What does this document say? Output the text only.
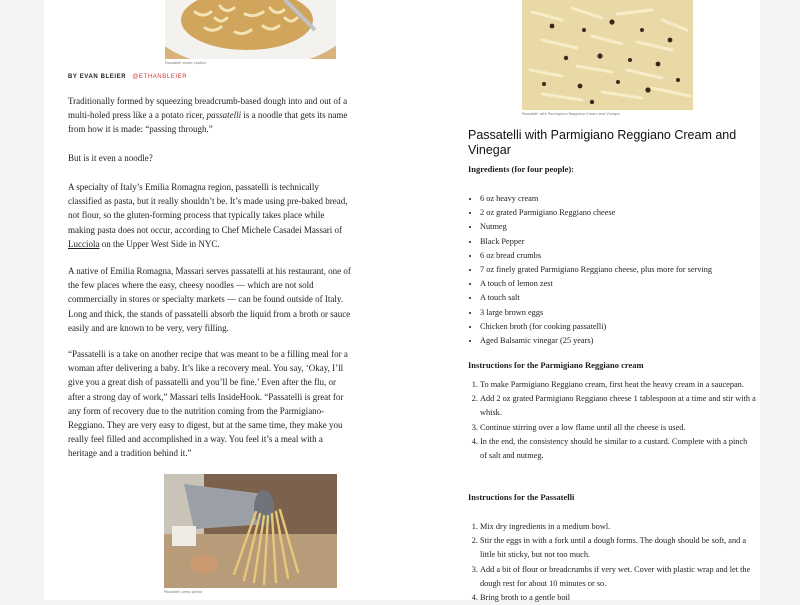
Passatelli photo caption
BY EVAN BLEIER @ETHANBLEIER

Traditionally formed by squeezing breadcrumb-based dough into and out of a multi-holed press like a a potato ricer, passatelli is a noodle that gets its name from how it is made: “passing through.”

But is it even a noodle?

A specialty of Italy’s Emilia Romagna region, passatelli is technically classified as pasta, but it really shouldn’t be. It’s made using pre-baked bread, not flour, so the gluten-forming process that typically takes place while making pasta does not occur, according to Chef Michele Casadei Massari of Lucciola on the Upper West Side in NYC.

A native of Emilia Romagna, Massari serves passatelli at his restaurant, one of the few places where the easy, cheesy noodles — which are not sold commercially in stores or specialty markets — can be found outside of Italy. Long and thick, the stands of passatelli absorb the liquid from a broth or sauce easily and are known to be very, very filling.

“Passatelli is a take on another recipe that was meant to be a filling meal for a woman after delivering a baby. It’s like a recovery meal. You say, ‘Okay, I’ll give you a great dish of passatelli and you’ll be fine.’ Even after the flu, or after a strong day of work,” Massari tells InsideHook. “Passatelli is great for any form of recovery due to the nutrition coming from the Parmigiano-Reggiano. They are very easy to digest, but at the same time, they make you really feel filled and accomplished in a way. You feel it’s a meal with a heritage and a tradition behind it.”

Passatelli press photo
Passatelli with Parmigiano Reggiano Cream and Vinegar
Passatelli with Parmigiano Reggiano Cream and Vinegar
Ingredients (for four people):
• 6 oz heavy cream
• 2 oz grated Parmigiano Reggiano cheese
• Nutmeg
• Black Pepper
• 6 oz bread crumbs
• 7 oz finely grated Parmigiano Reggiano cheese, plus more for serving
• A touch of lemon zest
• A touch salt
• 3 large brown eggs
• Chicken broth (for cooking passatelli)
• Aged Balsamic vinegar (25 years)
Instructions for the Parmigiano Reggiano cream
1. To make Parmigiano Reggiano cream, first heat the heavy cream in a saucepan.
2. Add 2 oz grated Parmigiano Reggiano cheese 1 tablespoon at a time and stir with a whisk.
3. Continue stirring over a low flame until all the cheese is used.
4. In the end, the consistency should be similar to a custard. Complete with a pinch of salt and nutmeg.
Instructions for the Passatelli
1. Mix dry ingredients in a medium bowl.
2. Stir the eggs in with a fork until a dough forms. The dough should be soft, and a little bit sticky, but not too much.
3. Add a bit of flour or breadcrumbs if very wet. Cover with plastic wrap and let the dough rest for about 10 minutes or so.
4. Bring broth to a gentle boil
